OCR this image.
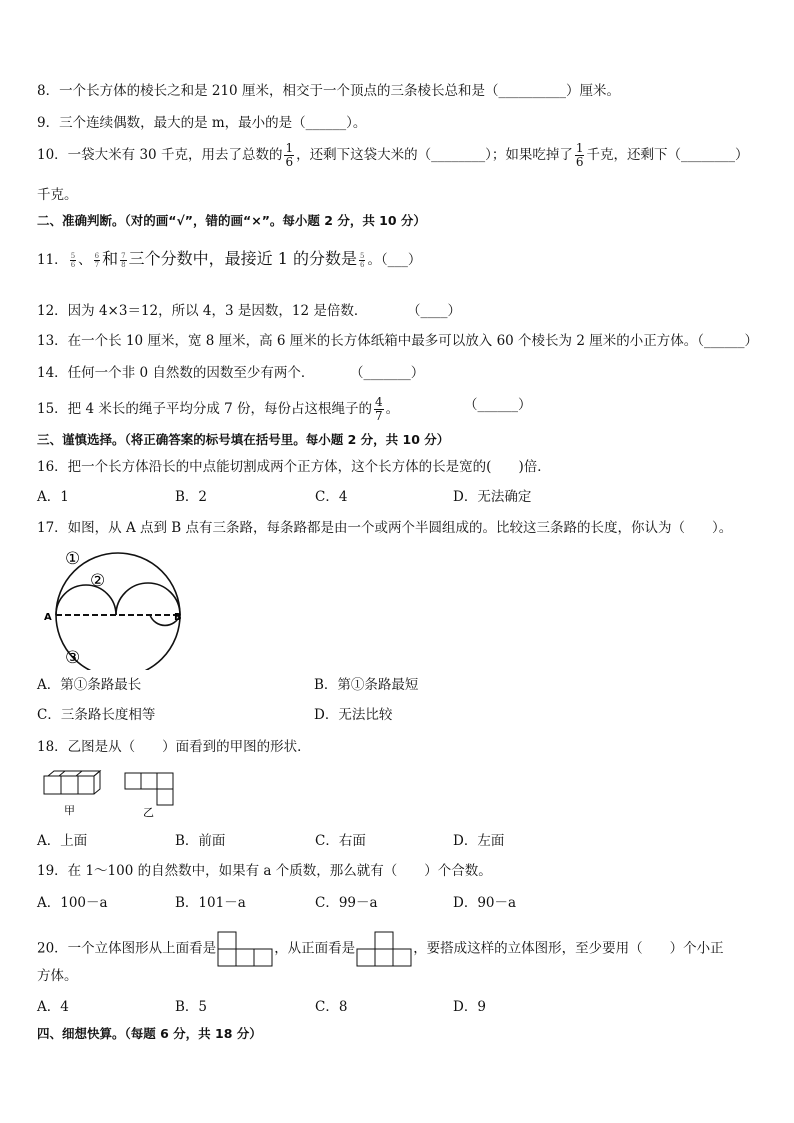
8．一个长方体的棱长之和是 210 厘米，相交于一个顶点的三条棱长总和是（__________）厘米。
9．三个连续偶数，最大的是 m，最小的是（______）。
10．一袋大米有 30 千克，用去了总数的 $\frac{1}{6}$ ，还剩下这袋大米的（________）；如果吃掉了 $\frac{1}{6}$ 千克，还剩下（________）
千克。
二、准确判断。（对的画“√”，错的画“×”。每小题 2 分，共 10 分）
11． $\frac{5}{6}$ 、 $\frac{6}{7}$ 和 $\frac{7}{8}$ 三个分数中，最接近 1 的分数是 $\frac{5}{6}$ 。（___）
12．因为 4×3＝12，所以 4，3 是因数，12 是倍数．	（____）
13．在一个长 10 厘米，宽 8 厘米，高 6 厘米的长方体纸箱中最多可以放入 60 个棱长为 2 厘米的小正方体。（______）
14．任何一个非 0 自然数的因数至少有两个．	（_______）
15．把 4 米长的绳子平均分成 7 份，每份占这根绳子的 $\frac{4}{7}$ 。	（______）
三、谨慎选择。（将正确答案的标号填在括号里。每小题 2 分，共 10 分）
16．把一个长方体沿长的中点能切割成两个正方体，这个长方体的长是宽的(　　)倍．
A．1	B．2	C．4	D．无法确定
17．如图，从 A 点到 B 点有三条路，每条路都是由一个或两个半圆组成的。比较这三条路的长度，你认为（　　）。
A	B
①
②
③
A．第①条路最长	B．第①条路最短
C．三条路长度相等	D．无法比较
18．乙图是从（　　）面看到的甲图的形状．
甲	乙
A．上面	B．前面	C．右面	D．左面
19．在 1～100 的自然数中，如果有 a 个质数，那么就有（　　）个合数。
A．100－a	B．101－a	C．99－a	D．90－a
20．一个立体图形从上面看是	，从正面看是	，要搭成这样的立体图形，至少要用（　　）个小正
方体。
A．4	B．5	C．8	D．9
四、细想快算。（每题 6 分，共 18 分）
